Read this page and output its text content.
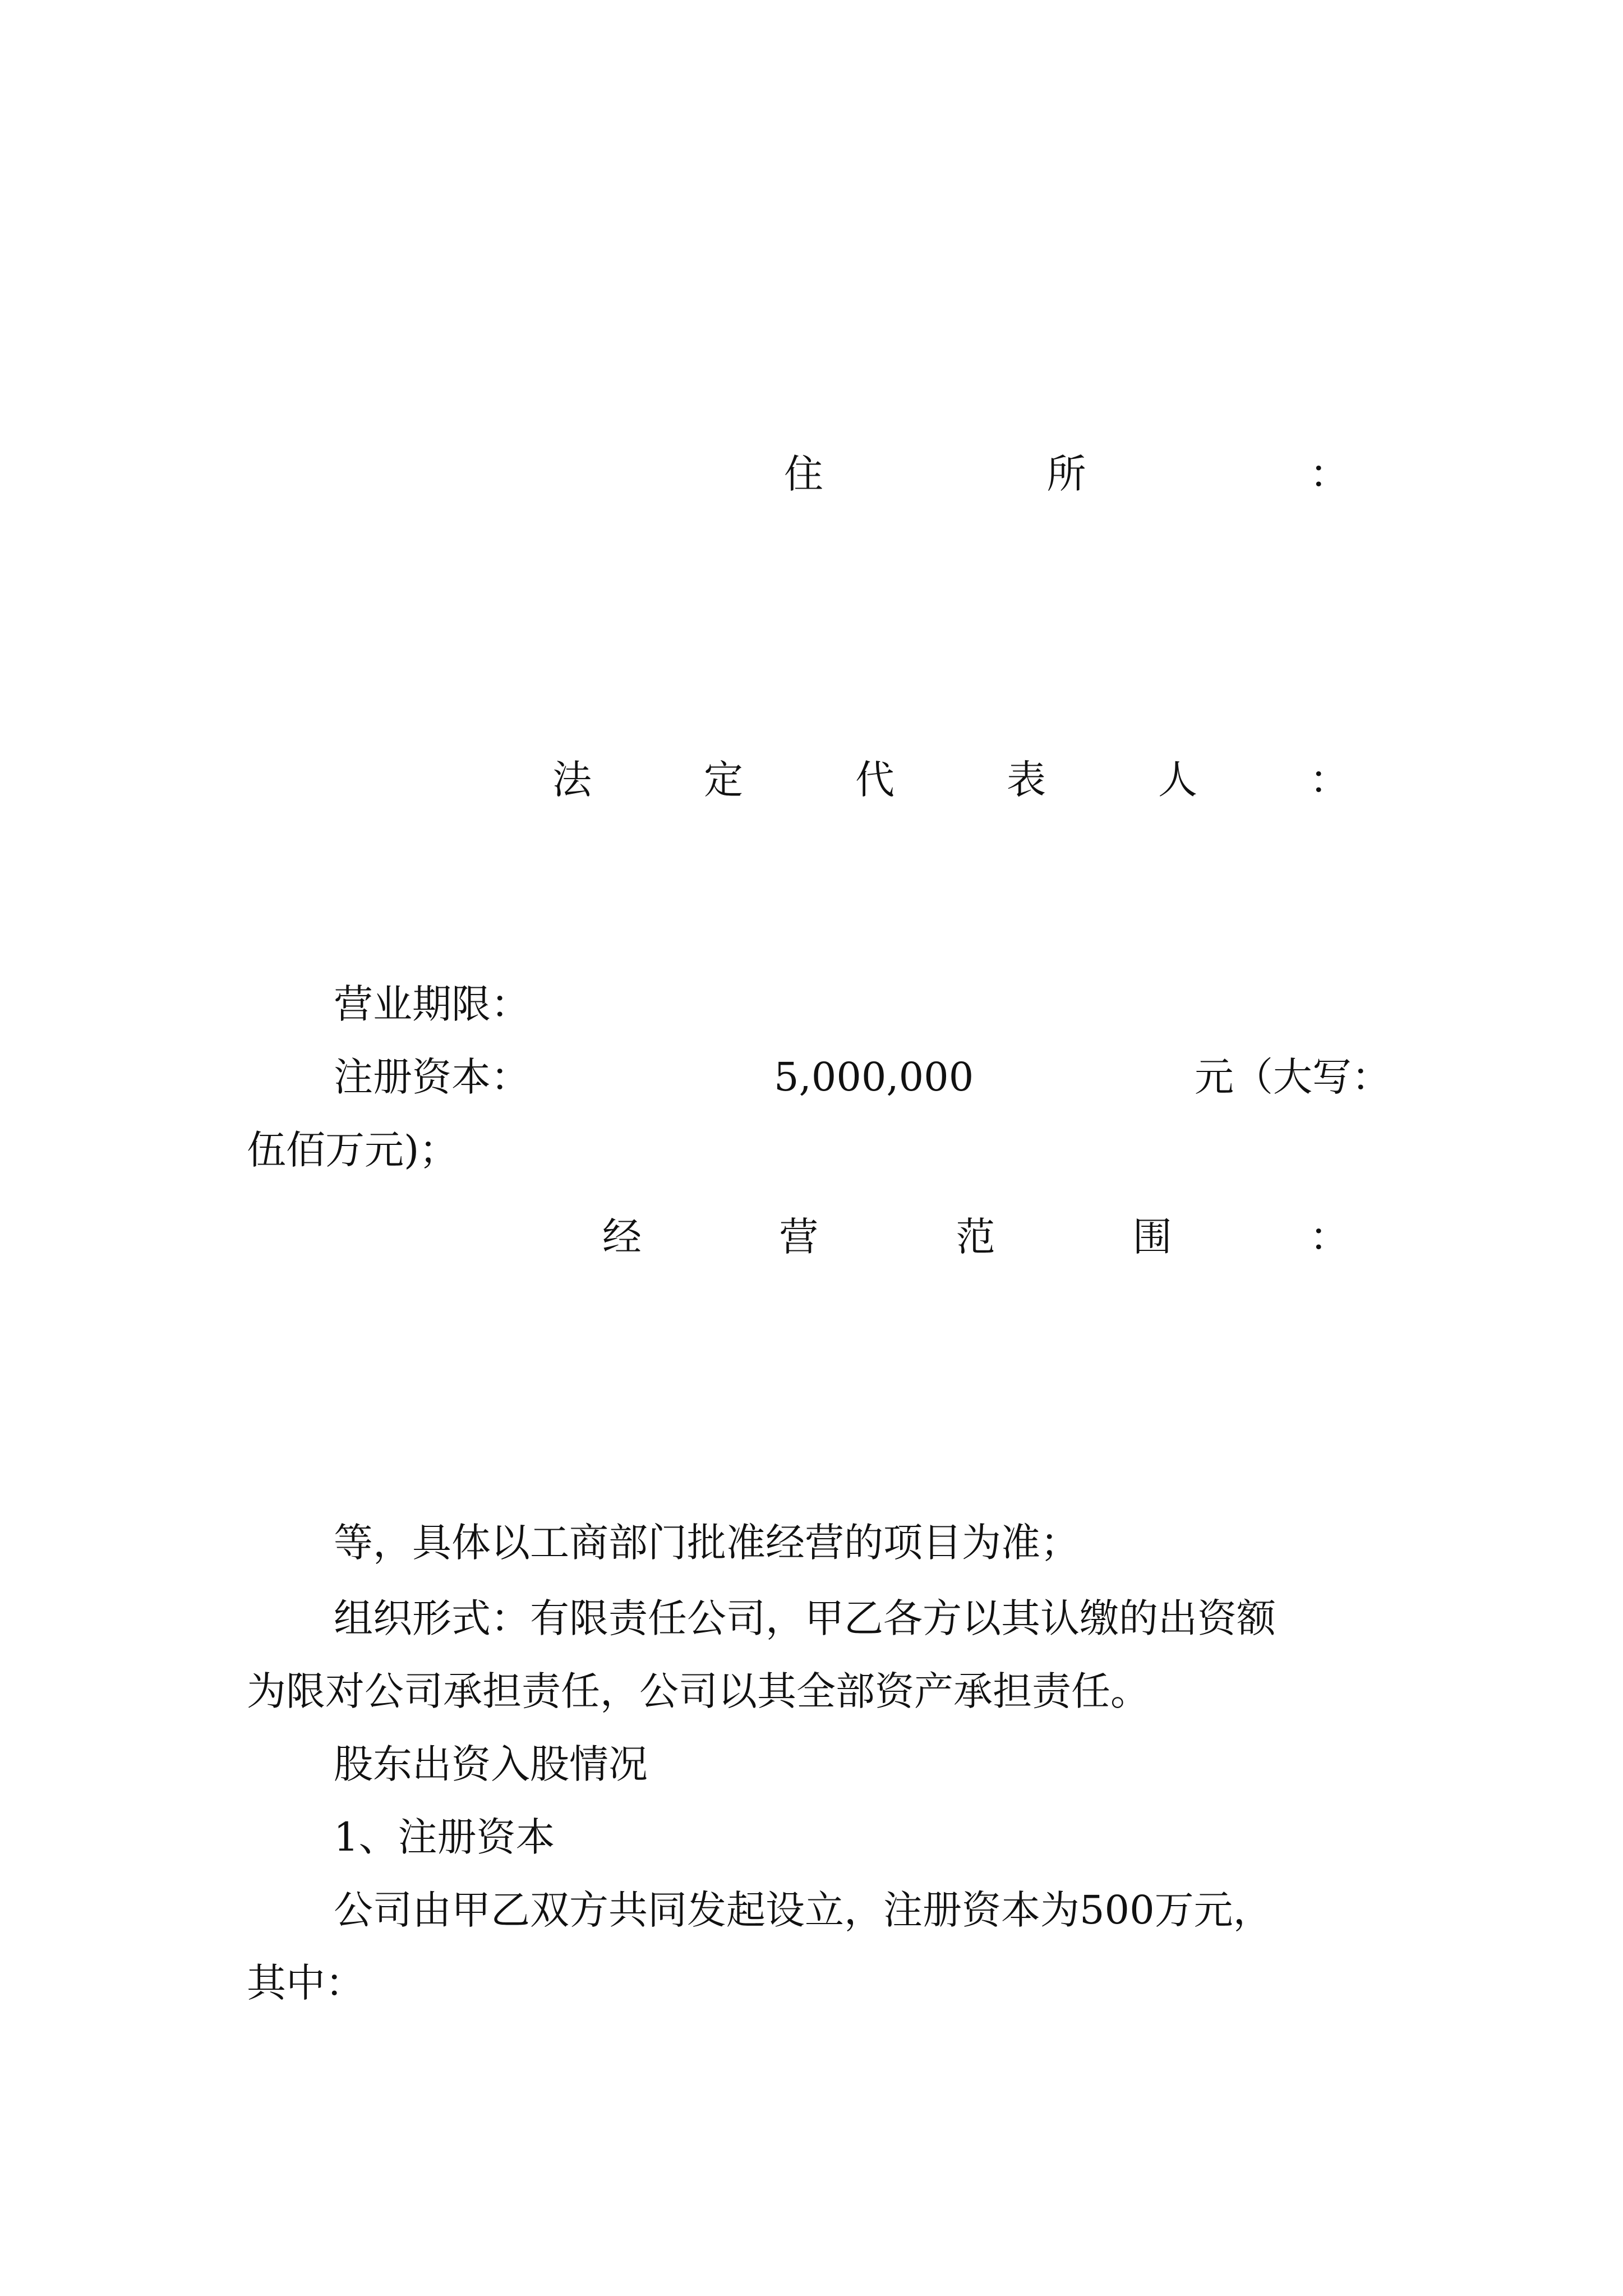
住	所	：
法	定	代	表	人	：
营业期限：
注册资本：	5,000,000	元（大写：
伍佰万元)；
经	营	范	围	：
等，具体以工商部门批准经营的项目为准；
组织形式：有限责任公司，甲乙各方以其认缴的出资额
为限对公司承担责任，公司以其全部资产承担责任。
股东出资入股情况
1、注册资本
公司由甲乙双方共同发起设立，注册资本为500万元，
其中：
